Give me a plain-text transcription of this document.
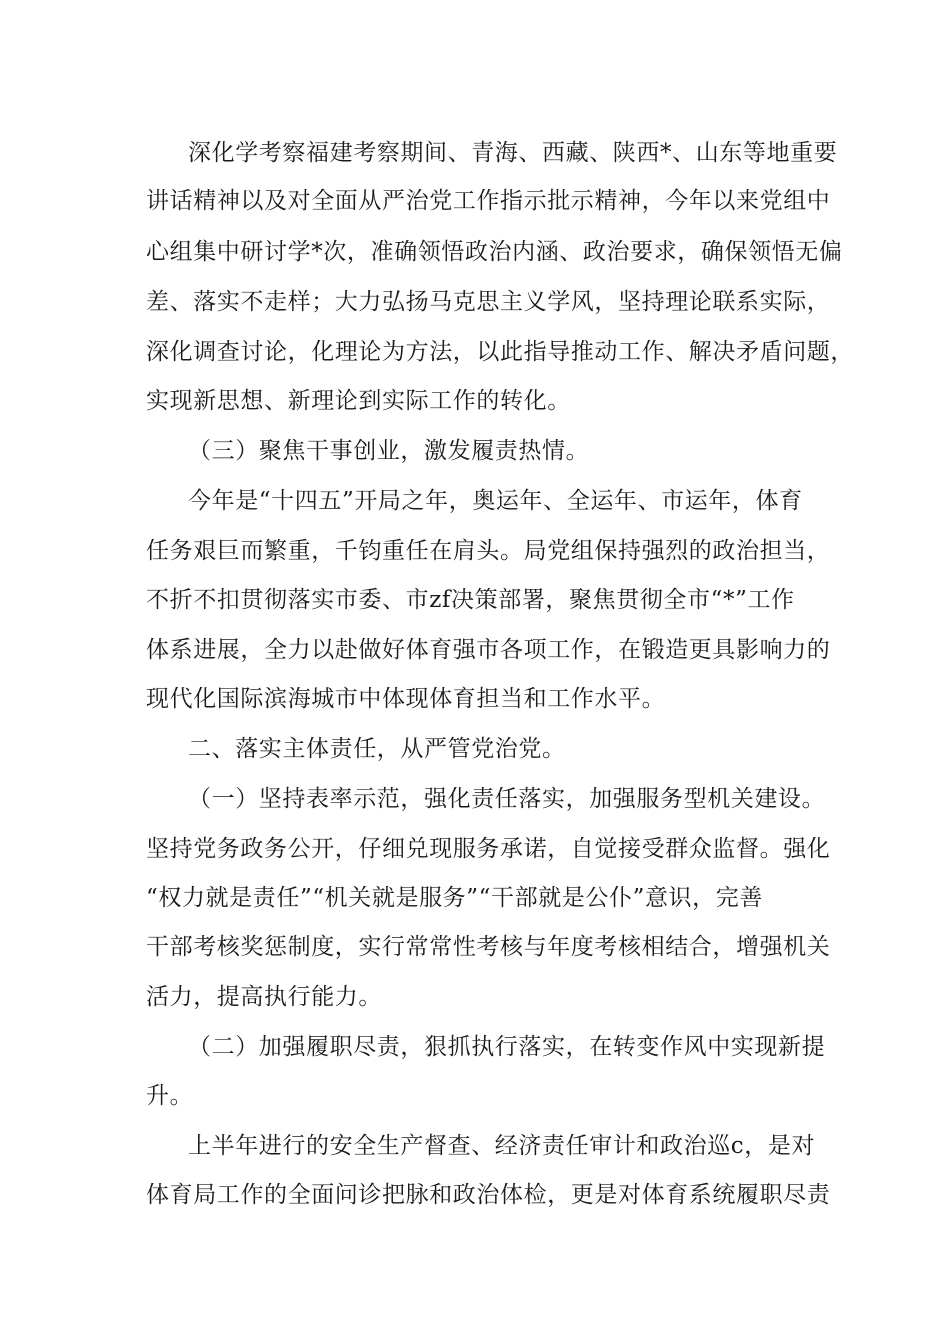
深化学考察福建考察期间、青海、西藏、陕西*、山东等地重要
讲话精神以及对全面从严治党工作指示批示精神，今年以来党组中
心组集中研讨学*次，准确领悟政治内涵、政治要求，确保领悟无偏
差、落实不走样；大力弘扬马克思主义学风，坚持理论联系实际，
深化调查讨论，化理论为方法，以此指导推动工作、解决矛盾问题，
实现新思想、新理论到实际工作的转化。
（三）聚焦干事创业，激发履责热情。
今年是“十四五”开局之年，奥运年、全运年、市运年，体育
任务艰巨而繁重，千钧重任在肩头。局党组保持强烈的政治担当，
不折不扣贯彻落实市委、市zf决策部署，聚焦贯彻全市“*”工作
体系进展，全力以赴做好体育强市各项工作，在锻造更具影响力的
现代化国际滨海城市中体现体育担当和工作水平。
二、落实主体责任，从严管党治党。
（一）坚持表率示范，强化责任落实，加强服务型机关建设。
坚持党务政务公开，仔细兑现服务承诺，自觉接受群众监督。强化
“权力就是责任”“机关就是服务”“干部就是公仆”意识，完善
干部考核奖惩制度，实行常常性考核与年度考核相结合，增强机关
活力，提高执行能力。
（二）加强履职尽责，狠抓执行落实，在转变作风中实现新提
升。
上半年进行的安全生产督查、经济责任审计和政治巡c，是对
体育局工作的全面问诊把脉和政治体检，更是对体育系统履职尽责
